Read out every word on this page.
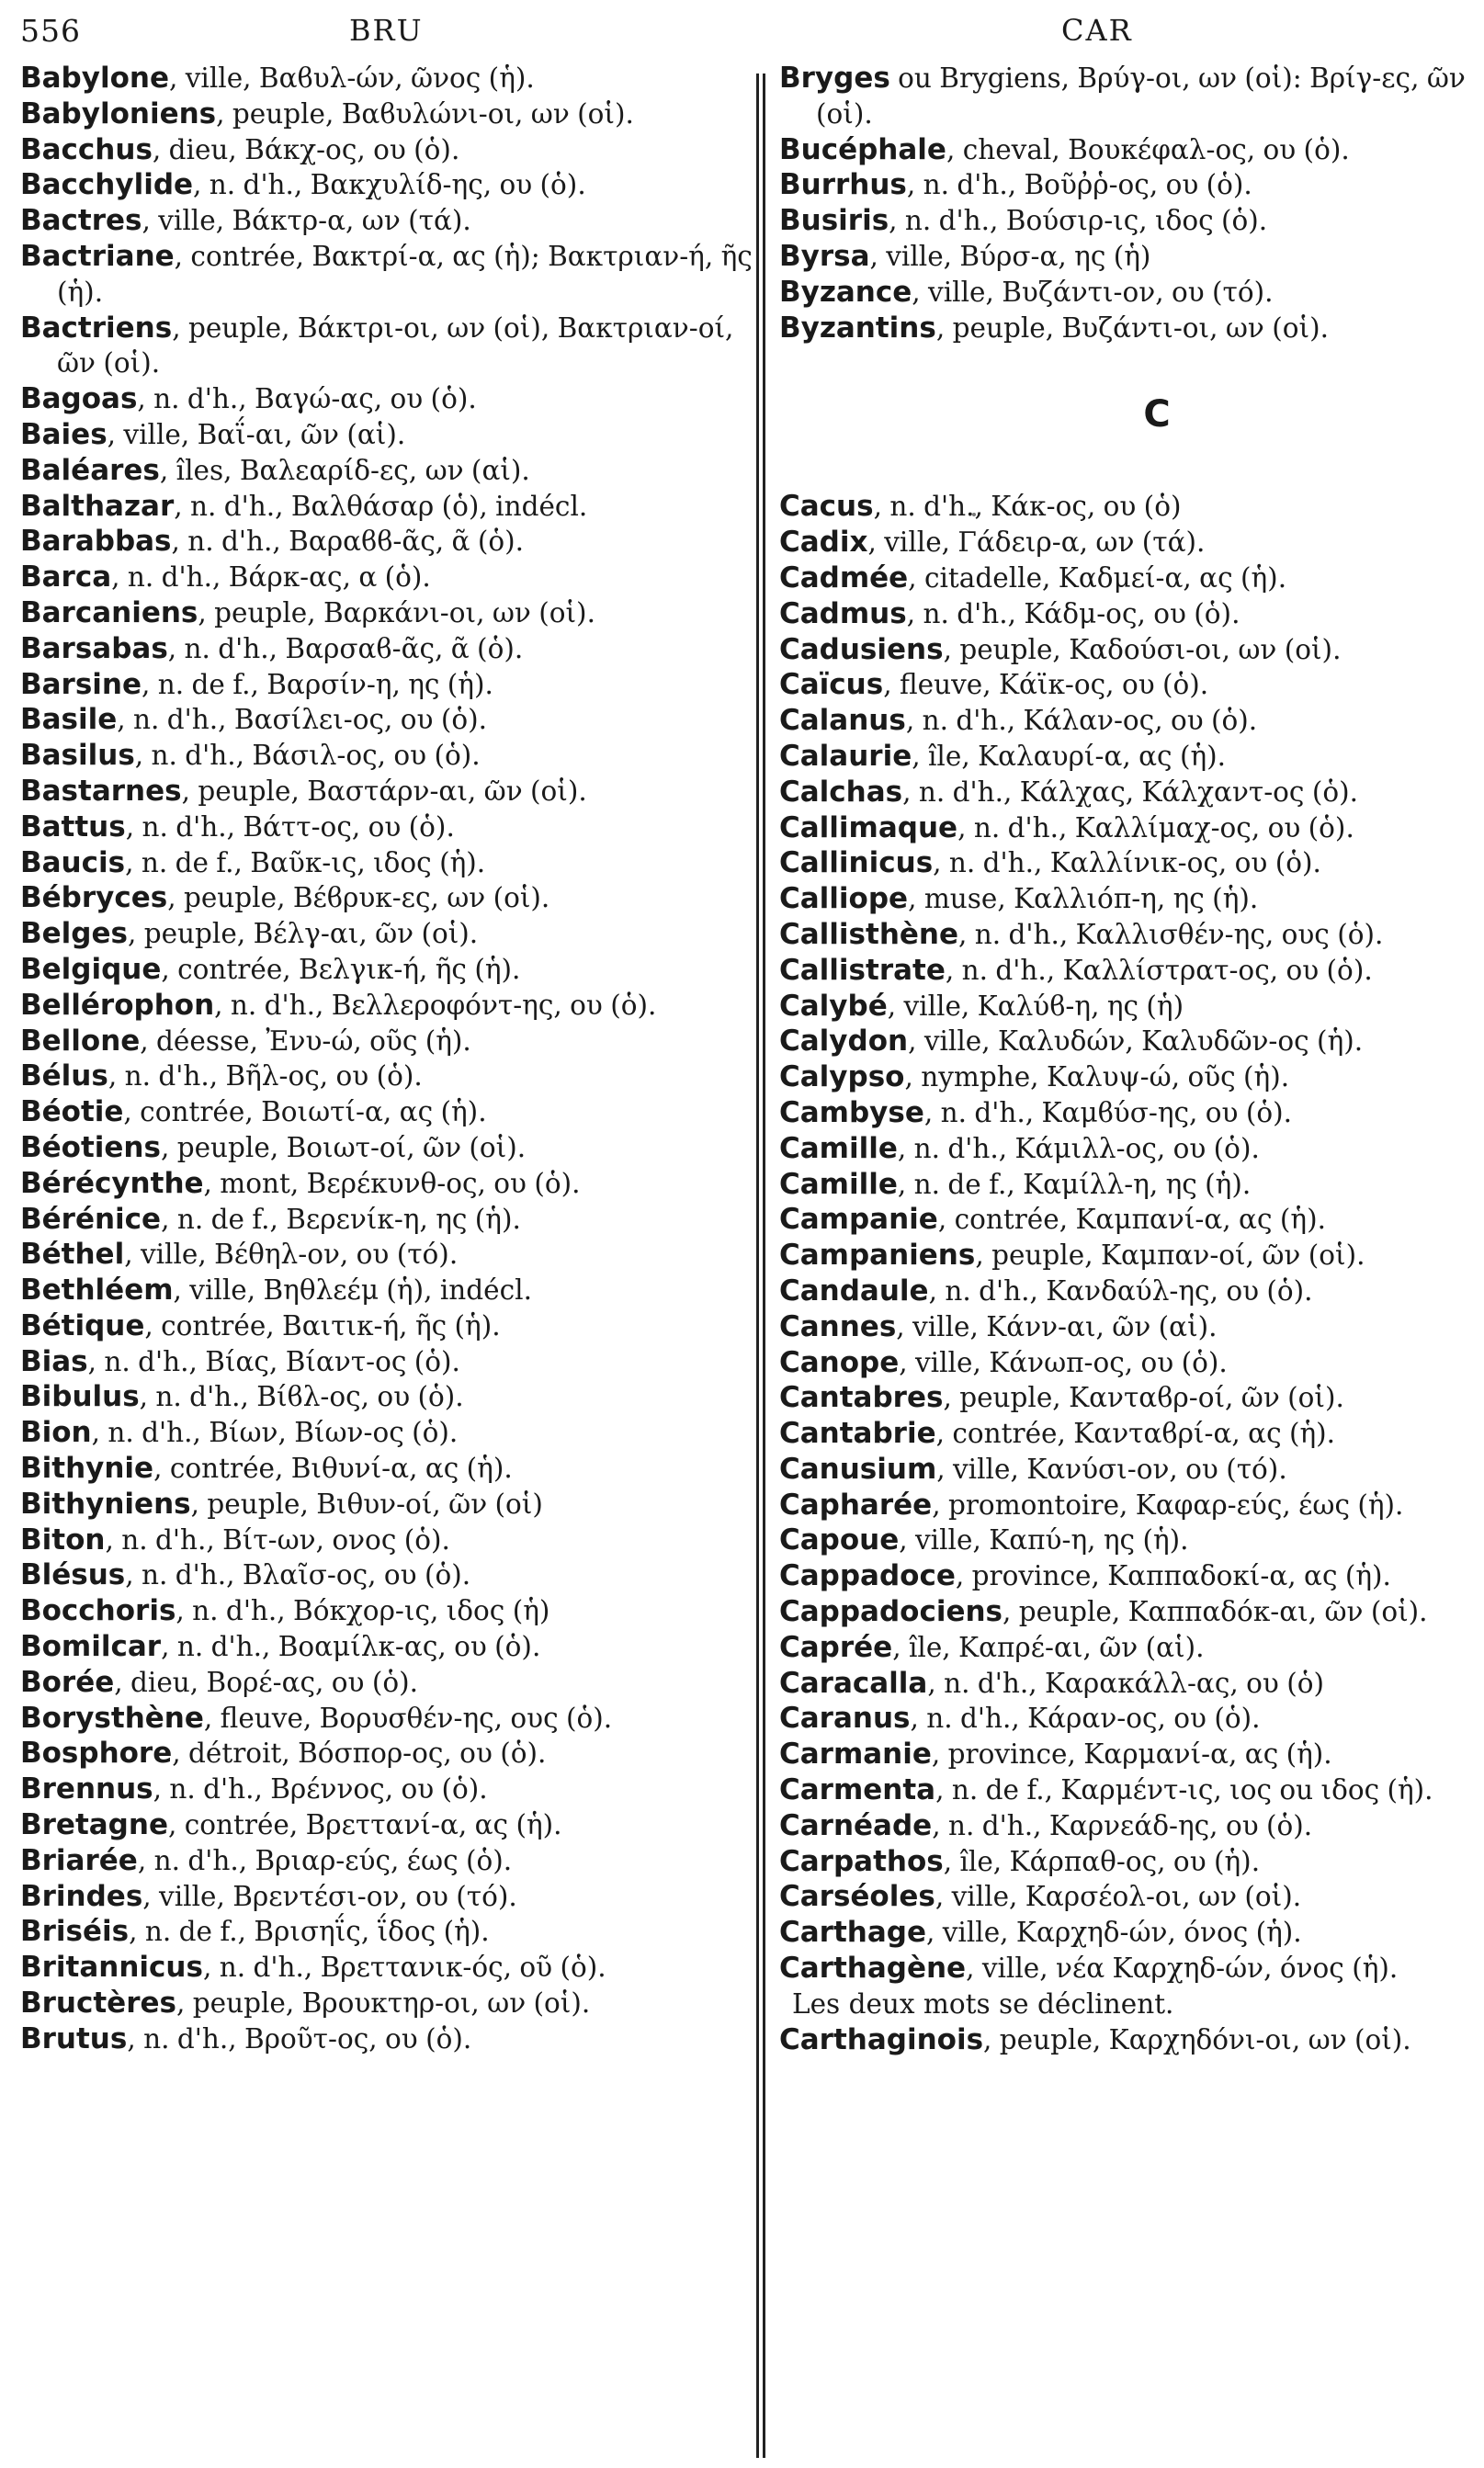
556	BRU	CAR
Babylone, ville, Βαϐυλ-ών, ῶνος (ἡ).
Babyloniens, peuple, Βαϐυλώνι-οι, ων (οἱ).
Bacchus, dieu, Βάκχ-ος, ου (ὁ).
Bacchylide, n. d'h., Βακχυλίδ-ης, ου (ὁ).
Bactres, ville, Βάκτρ-α, ων (τά).
Bactriane, contrée, Βακτρί-α, ας (ἡ); Βακτριαν-ή, ῆς (ἡ).
Bactriens, peuple, Βάκτρι-οι, ων (οἱ), Βακτριαν-οί, ῶν (οἱ).
Bagoas, n. d'h., Βαγώ-ας, ου (ὁ).
Baies, ville, Βαΐ-αι, ῶν (αἱ).
Baléares, îles, Βαλεαρίδ-ες, ων (αἱ).
Balthazar, n. d'h., Βαλθάσαρ (ὁ), indécl.
Barabbas, n. d'h., Βαραϐϐ-ᾶς, ᾶ (ὁ).
Barca, n. d'h., Βάρκ-ας, α (ὁ).
Barcaniens, peuple, Βαρκάνι-οι, ων (οἱ).
Barsabas, n. d'h., Βαρσαϐ-ᾶς, ᾶ (ὁ).
Barsine, n. de f., Βαρσίν-η, ης (ἡ).
Basile, n. d'h., Βασίλει-ος, ου (ὁ).
Basilus, n. d'h., Βάσιλ-ος, ου (ὁ).
Bastarnes, peuple, Βαστάρν-αι, ῶν (οἱ).
Battus, n. d'h., Βάττ-ος, ου (ὁ).
Baucis, n. de f., Βαῦκ-ις, ιδος (ἡ).
Bébryces, peuple, Βέϐρυκ-ες, ων (οἱ).
Belges, peuple, Βέλγ-αι, ῶν (οἱ).
Belgique, contrée, Βελγικ-ή, ῆς (ἡ).
Bellérophon, n. d'h., Βελλεροφόντ-ης, ου (ὁ).
Bellone, déesse, Ἐνυ-ώ, οῦς (ἡ).
Bélus, n. d'h., Βῆλ-ος, ου (ὁ).
Béotie, contrée, Βοιωτί-α, ας (ἡ).
Béotiens, peuple, Βοιωτ-οί, ῶν (οἱ).
Bérécynthe, mont, Βερέκυνθ-ος, ου (ὁ).
Bérénice, n. de f., Βερενίκ-η, ης (ἡ).
Béthel, ville, Βέθηλ-ον, ου (τό).
Bethléem, ville, Βηθλεέμ (ἡ), indécl.
Bétique, contrée, Βαιτικ-ή, ῆς (ἡ).
Bias, n. d'h., Βίας, Βίαντ-ος (ὁ).
Bibulus, n. d'h., Βίϐλ-ος, ου (ὁ).
Bion, n. d'h., Βίων, Βίων-ος (ὁ).
Bithynie, contrée, Βιθυνί-α, ας (ἡ).
Bithyniens, peuple, Βιθυν-οί, ῶν (οἱ)
Biton, n. d'h., Βίτ-ων, ονος (ὁ).
Blésus, n. d'h., Βλαῖσ-ος, ου (ὁ).
Bocchoris, n. d'h., Βόκχορ-ις, ιδος (ἡ)
Bomilcar, n. d'h., Βοαμίλκ-ας, ου (ὁ).
Borée, dieu, Βορέ-ας, ου (ὁ).
Borysthène, fleuve, Βορυσθέν-ης, ους (ὁ).
Bosphore, détroit, Βόσπορ-ος, ου (ὁ).
Brennus, n. d'h., Βρέννος, ου (ὁ).
Bretagne, contrée, Βρεττανί-α, ας (ἡ).
Briarée, n. d'h., Βριαρ-εύς, έως (ὁ).
Brindes, ville, Βρεντέσι-ον, ου (τό).
Briséis, n. de f., Βρισηΐς, ΐδος (ἡ).
Britannicus, n. d'h., Βρεττανικ-ός, οῦ (ὁ).
Bructères, peuple, Βρουκτηρ-οι, ων (οἱ).
Brutus, n. d'h., Βροῦτ-ος, ου (ὁ).
Bryges ou Brygiens, Βρύγ-οι, ων (οἱ): Βρίγ-ες, ῶν (οἱ).
Bucéphale, cheval, Βουκέφαλ-ος, ου (ὁ).
Burrhus, n. d'h., Βοῦῤῥ-ος, ου (ὁ).
Busiris, n. d'h., Βούσιρ-ις, ιδος (ὁ).
Byrsa, ville, Βύρσ-α, ης (ἡ)
Byzance, ville, Βυζάντι-ον, ου (τό).
Byzantins, peuple, Βυζάντι-οι, ων (οἱ).
C
Cacus, n. d'h., Κάκ-ος, ου (ὁ)
Cadix, ville, Γάδειρ-α, ων (τά).
Cadmée, citadelle, Καδμεί-α, ας (ἡ).
Cadmus, n. d'h., Κάδμ-ος, ου (ὁ).
Cadusiens, peuple, Καδούσι-οι, ων (οἱ).
Caïcus, fleuve, Κάϊκ-ος, ου (ὁ).
Calanus, n. d'h., Κάλαν-ος, ου (ὁ).
Calaurie, île, Καλαυρί-α, ας (ἡ).
Calchas, n. d'h., Κάλχας, Κάλχαντ-ος (ὁ).
Callimaque, n. d'h., Καλλίμαχ-ος, ου (ὁ).
Callinicus, n. d'h., Καλλίνικ-ος, ου (ὁ).
Calliope, muse, Καλλιόπ-η, ης (ἡ).
Callisthène, n. d'h., Καλλισθέν-ης, ους (ὁ).
Callistrate, n. d'h., Καλλίστρατ-ος, ου (ὁ).
Calybé, ville, Καλύϐ-η, ης (ἡ)
Calydon, ville, Καλυδών, Καλυδῶν-ος (ἡ).
Calypso, nymphe, Καλυψ-ώ, οῦς (ἡ).
Cambyse, n. d'h., Καμϐύσ-ης, ου (ὁ).
Camille, n. d'h., Κάμιλλ-ος, ου (ὁ).
Camille, n. de f., Καμίλλ-η, ης (ἡ).
Campanie, contrée, Καμπανί-α, ας (ἡ).
Campaniens, peuple, Καμπαν-οί, ῶν (οἱ).
Candaule, n. d'h., Κανδαύλ-ης, ου (ὁ).
Cannes, ville, Κάνν-αι, ῶν (αἱ).
Canope, ville, Κάνωπ-ος, ου (ὁ).
Cantabres, peuple, Κανταϐρ-οί, ῶν (οἱ).
Cantabrie, contrée, Κανταϐρί-α, ας (ἡ).
Canusium, ville, Κανύσι-ον, ου (τό).
Capharée, promontoire, Καφαρ-εύς, έως (ἡ).
Capoue, ville, Καπύ-η, ης (ἡ).
Cappadoce, province, Καππαδοκί-α, ας (ἡ).
Cappadociens, peuple, Καππαδόκ-αι, ῶν (οἱ).
Caprée, île, Καπρέ-αι, ῶν (αἱ).
Caracalla, n. d'h., Καρακάλλ-ας, ου (ὁ)
Caranus, n. d'h., Κάραν-ος, ου (ὁ).
Carmanie, province, Καρμανί-α, ας (ἡ).
Carmenta, n. de f., Καρμέντ-ις, ιος ou ιδος (ἡ).
Carnéade, n. d'h., Καρνεάδ-ης, ου (ὁ).
Carpathos, île, Κάρπαθ-ος, ου (ἡ).
Carséoles, ville, Καρσέολ-οι, ων (οἱ).
Carthage, ville, Καρχηδ-ών, όνος (ἡ).
Carthagène, ville, νέα Καρχηδ-ών, όνος (ἡ).
Les deux mots se déclinent.
Carthaginois, peuple, Καρχηδόνι-οι, ων (οἱ).
